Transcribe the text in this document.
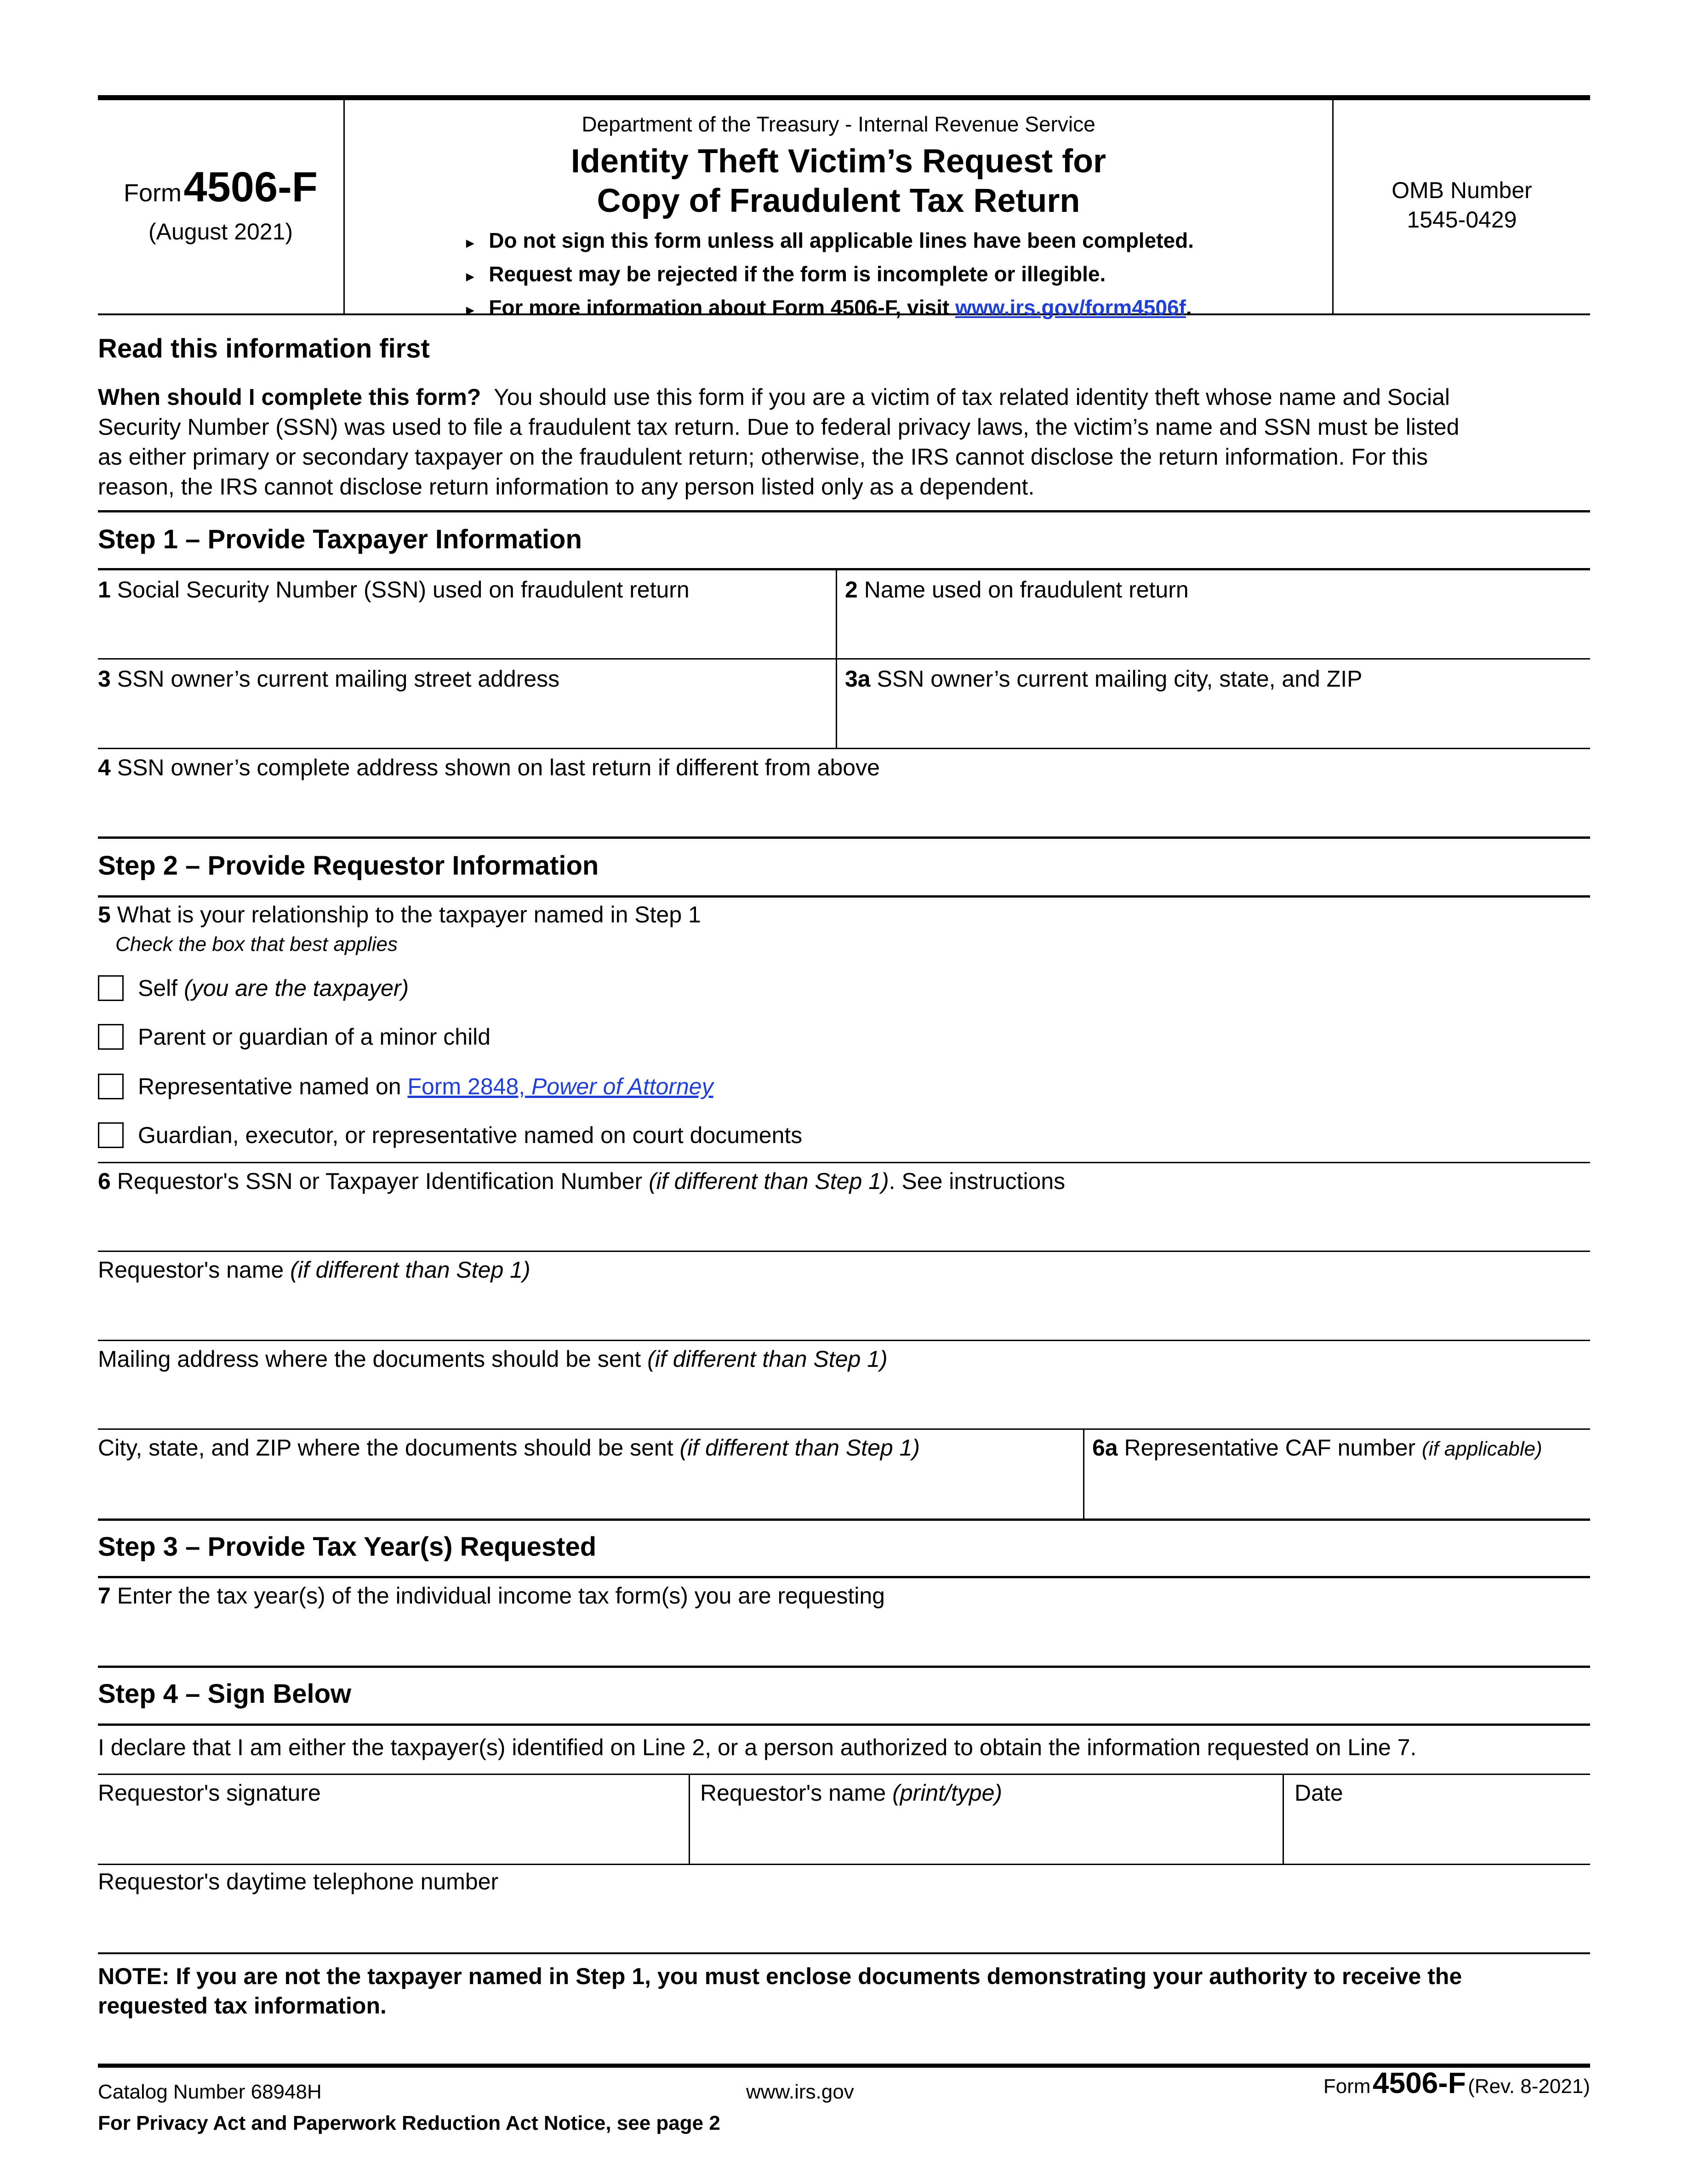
Form 4506-F
(August 2021)
Department of the Treasury - Internal Revenue Service
Identity Theft Victim’s Request for
Copy of Fraudulent Tax Return
► Do not sign this form unless all applicable lines have been completed.
► Request may be rejected if the form is incomplete or illegible.
► For more information about Form 4506-F, visit www.irs.gov/form4506f.
OMB Number
1545-0429
Read this information first
When should I complete this form? You should use this form if you are a victim of tax related identity theft whose name and Social
Security Number (SSN) was used to file a fraudulent tax return. Due to federal privacy laws, the victim’s name and SSN must be listed
as either primary or secondary taxpayer on the fraudulent return; otherwise, the IRS cannot disclose the return information. For this
reason, the IRS cannot disclose return information to any person listed only as a dependent.
Step 1 – Provide Taxpayer Information
1 Social Security Number (SSN) used on fraudulent return	2 Name used on fraudulent return
3 SSN owner’s current mailing street address	3a SSN owner’s current mailing city, state, and ZIP
4 SSN owner’s complete address shown on last return if different from above
Step 2 – Provide Requestor Information
5 What is your relationship to the taxpayer named in Step 1
Check the box that best applies
Self (you are the taxpayer)
Parent or guardian of a minor child
Representative named on Form 2848, Power of Attorney
Guardian, executor, or representative named on court documents
6 Requestor's SSN or Taxpayer Identification Number (if different than Step 1). See instructions
Requestor's name (if different than Step 1)
Mailing address where the documents should be sent (if different than Step 1)
City, state, and ZIP where the documents should be sent (if different than Step 1)	6a Representative CAF number (if applicable)
Step 3 – Provide Tax Year(s) Requested
7 Enter the tax year(s) of the individual income tax form(s) you are requesting
Step 4 – Sign Below
I declare that I am either the taxpayer(s) identified on Line 2, or a person authorized to obtain the information requested on Line 7.
Requestor's signature	Requestor's name (print/type)	Date
Requestor's daytime telephone number
NOTE: If you are not the taxpayer named in Step 1, you must enclose documents demonstrating your authority to receive the
requested tax information.
Catalog Number 68948H	www.irs.gov	Form 4506-F (Rev. 8-2021)
For Privacy Act and Paperwork Reduction Act Notice, see page 2
